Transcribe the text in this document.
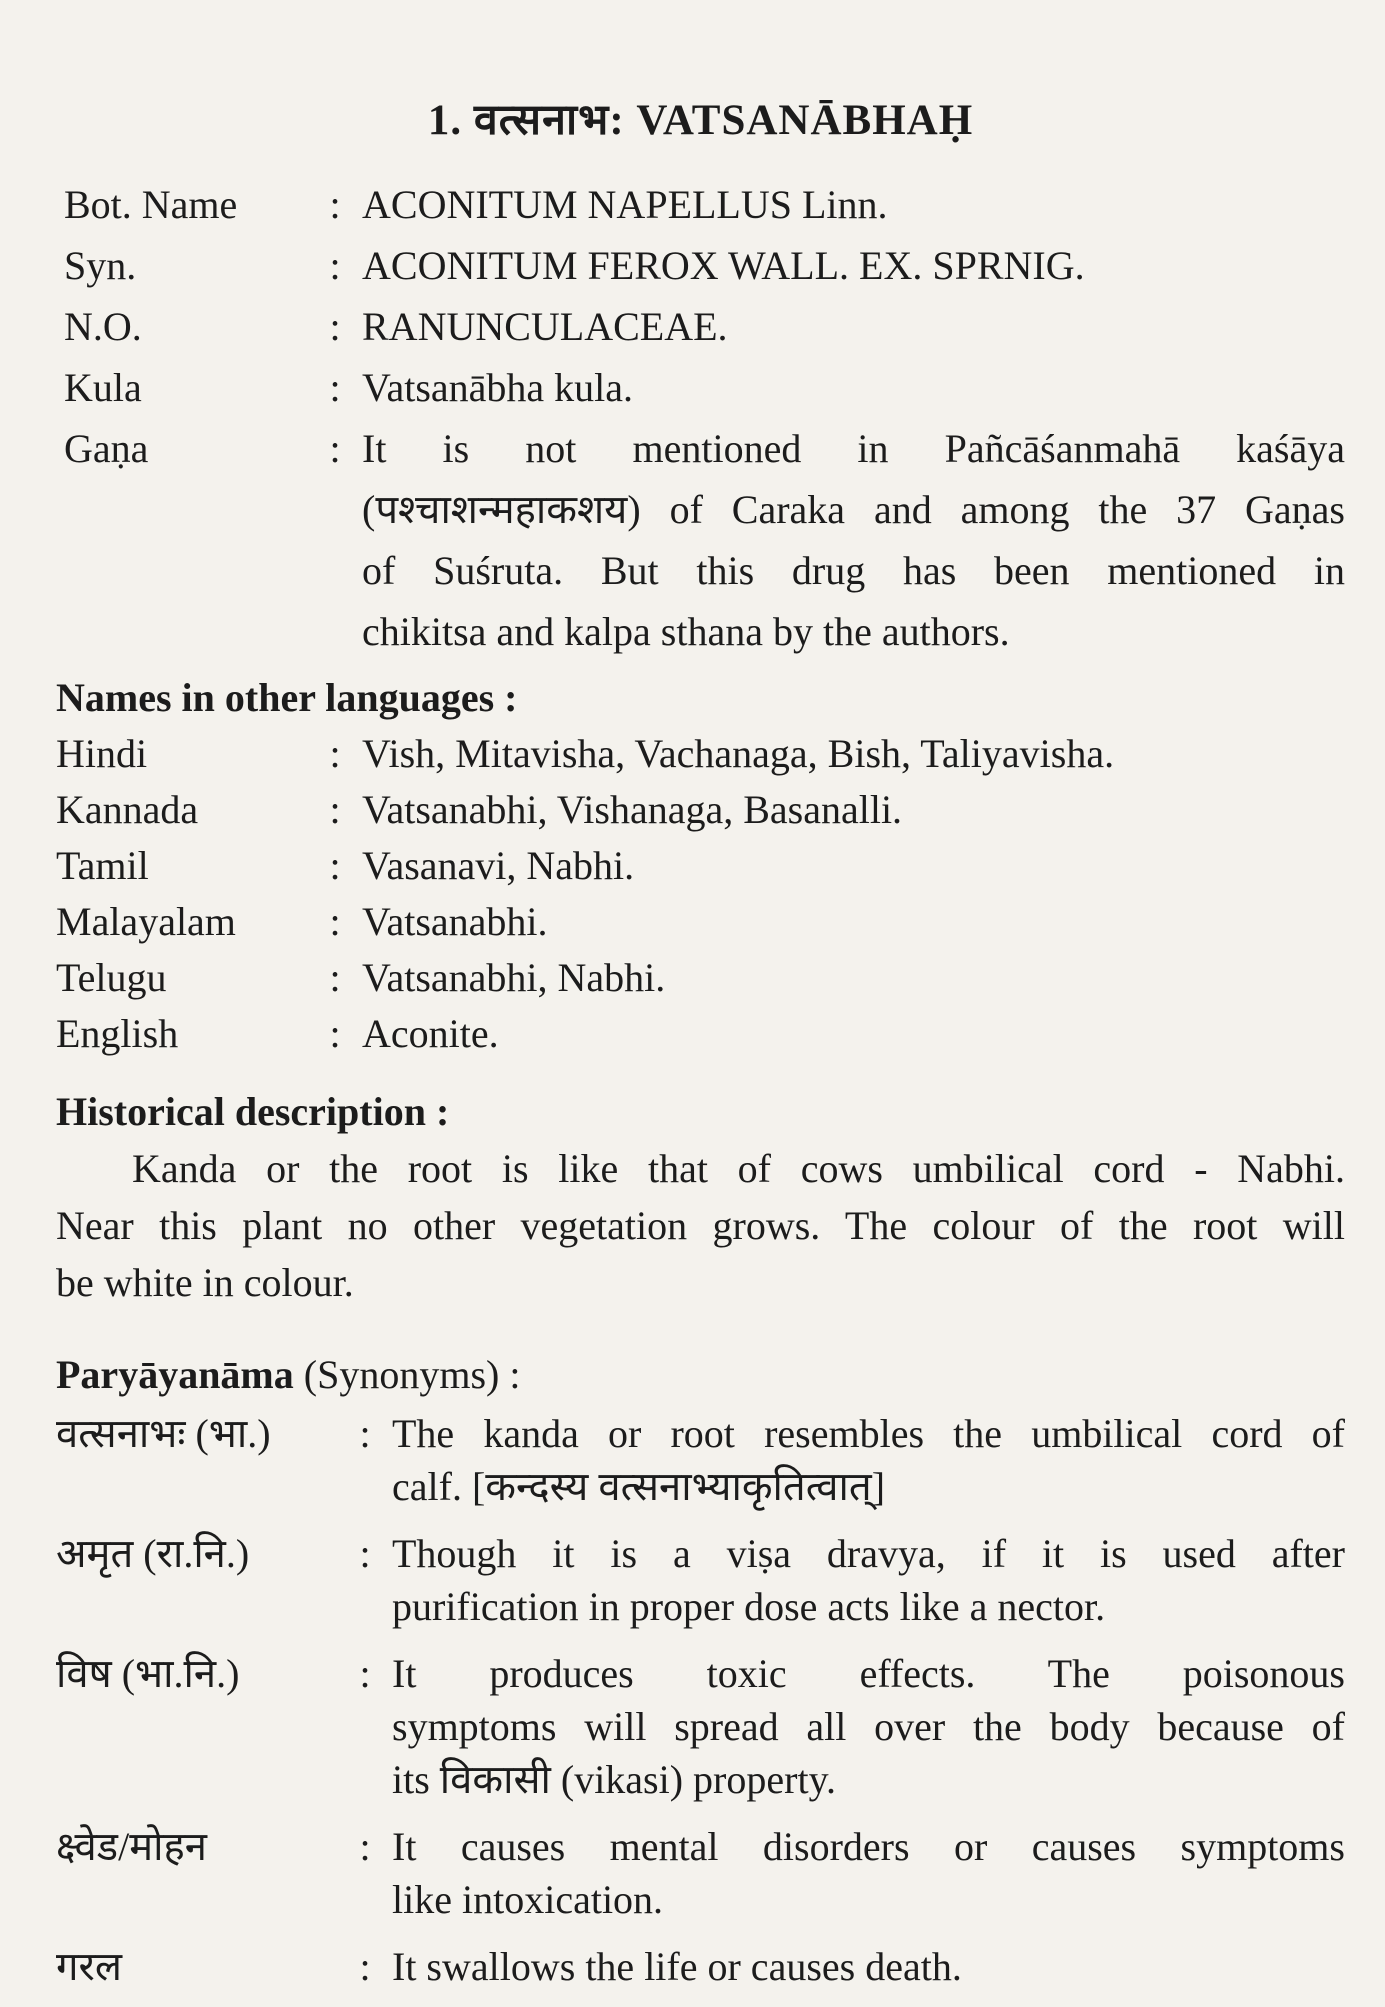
1. वत्सनाभ: VATSANĀBHAḤ
Bot. Name	: ACONITUM NAPELLUS Linn.
Syn.	: ACONITUM FEROX WALL. EX. SPRNIG.
N.O.	: RANUNCULACEAE.
Kula	: Vatsanābha kula.
Gaṇa	: It is not mentioned in Pañcāśanmahā kaśāya
(पश्चाशन्महाकशय) of Caraka and among the 37 Gaṇas
of Suśruta. But this drug has been mentioned in
chikitsa and kalpa sthana by the authors.
Names in other languages :
Hindi	: Vish, Mitavisha, Vachanaga, Bish, Taliyavisha.
Kannada	: Vatsanabhi, Vishanaga, Basanalli.
Tamil	: Vasanavi, Nabhi.
Malayalam	: Vatsanabhi.
Telugu	: Vatsanabhi, Nabhi.
English	: Aconite.
Historical description :

Kanda or the root is like that of cows umbilical cord - Nabhi.
Near this plant no other vegetation grows. The colour of the root will
be white in colour.

Paryāyanāma (Synonyms) :
वत्सनाभः (भा.)	: The kanda or root resembles the umbilical cord of
calf. [कन्दस्य वत्सनाभ्याकृतित्वात्]
अमृत (रा.नि.)	: Though it is a viṣa dravya, if it is used after
purification in proper dose acts like a nector.
विष (भा.नि.)	: It produces toxic effects. The poisonous
symptoms will spread all over the body because of
its विकासी (vikasi) property.
क्ष्वेड/मोहन	: It causes mental disorders or causes symptoms
like intoxication.
गरल	: It swallows the life or causes death.
